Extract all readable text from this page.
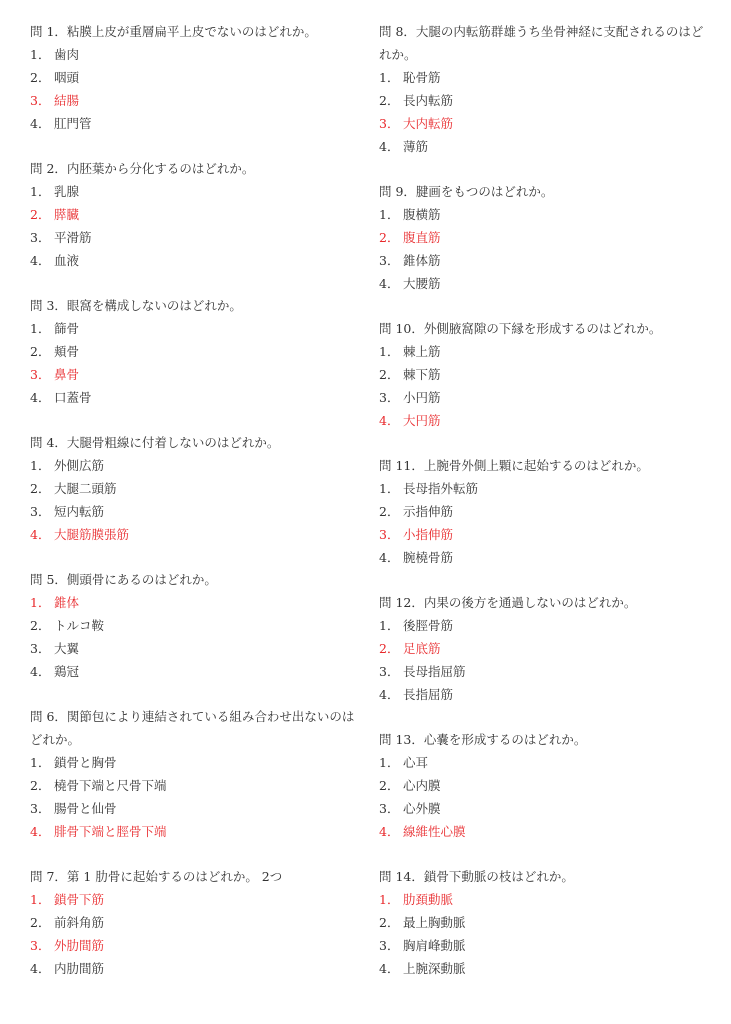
問 1．粘膜上皮が重層扁平上皮でないのはどれか。

1． 歯肉
2． 咽頭
3． 結腸
4． 肛門管

問 2．内胚葉から分化するのはどれか。

1． 乳腺
2． 膵臓
3． 平滑筋
4． 血液

問 3．眼窩を構成しないのはどれか。

1． 篩骨
2． 頬骨
3． 鼻骨
4． 口蓋骨

問 4．大腿骨粗線に付着しないのはどれか。

1． 外側広筋
2． 大腿二頭筋
3． 短内転筋
4． 大腿筋膜張筋

問 5．側頭骨にあるのはどれか。

1． 錐体
2． トルコ鞍
3． 大翼
4． 鶏冠

問 6．関節包により連結されている組み合わせ出ないのはどれか。

1． 鎖骨と胸骨
2． 橈骨下端と尺骨下端
3． 腸骨と仙骨
4． 腓骨下端と脛骨下端

問 7．第 1 肋骨に起始するのはどれか。 2つ

1． 鎖骨下筋
2． 前斜角筋
3． 外肋間筋
4． 内肋間筋

問 8．大腿の内転筋群雄うち坐骨神経に支配されるのはどれか。

1． 恥骨筋
2． 長内転筋
3． 大内転筋
4． 薄筋

問 9．腱画をもつのはどれか。

1． 腹横筋
2． 腹直筋
3． 錐体筋
4． 大腰筋

問 10．外側腋窩隙の下縁を形成するのはどれか。

1． 棘上筋
2． 棘下筋
3． 小円筋
4． 大円筋

問 11．上腕骨外側上顆に起始するのはどれか。

1． 長母指外転筋
2． 示指伸筋
3． 小指伸筋
4． 腕橈骨筋

問 12．内果の後方を通過しないのはどれか。

1． 後脛骨筋
2． 足底筋
3． 長母指屈筋
4． 長指屈筋

問 13．心嚢を形成するのはどれか。

1． 心耳
2． 心内膜
3． 心外膜
4． 線維性心膜

問 14．鎖骨下動脈の枝はどれか。

1． 肋頚動脈
2． 最上胸動脈
3． 胸肩峰動脈
4． 上腕深動脈
